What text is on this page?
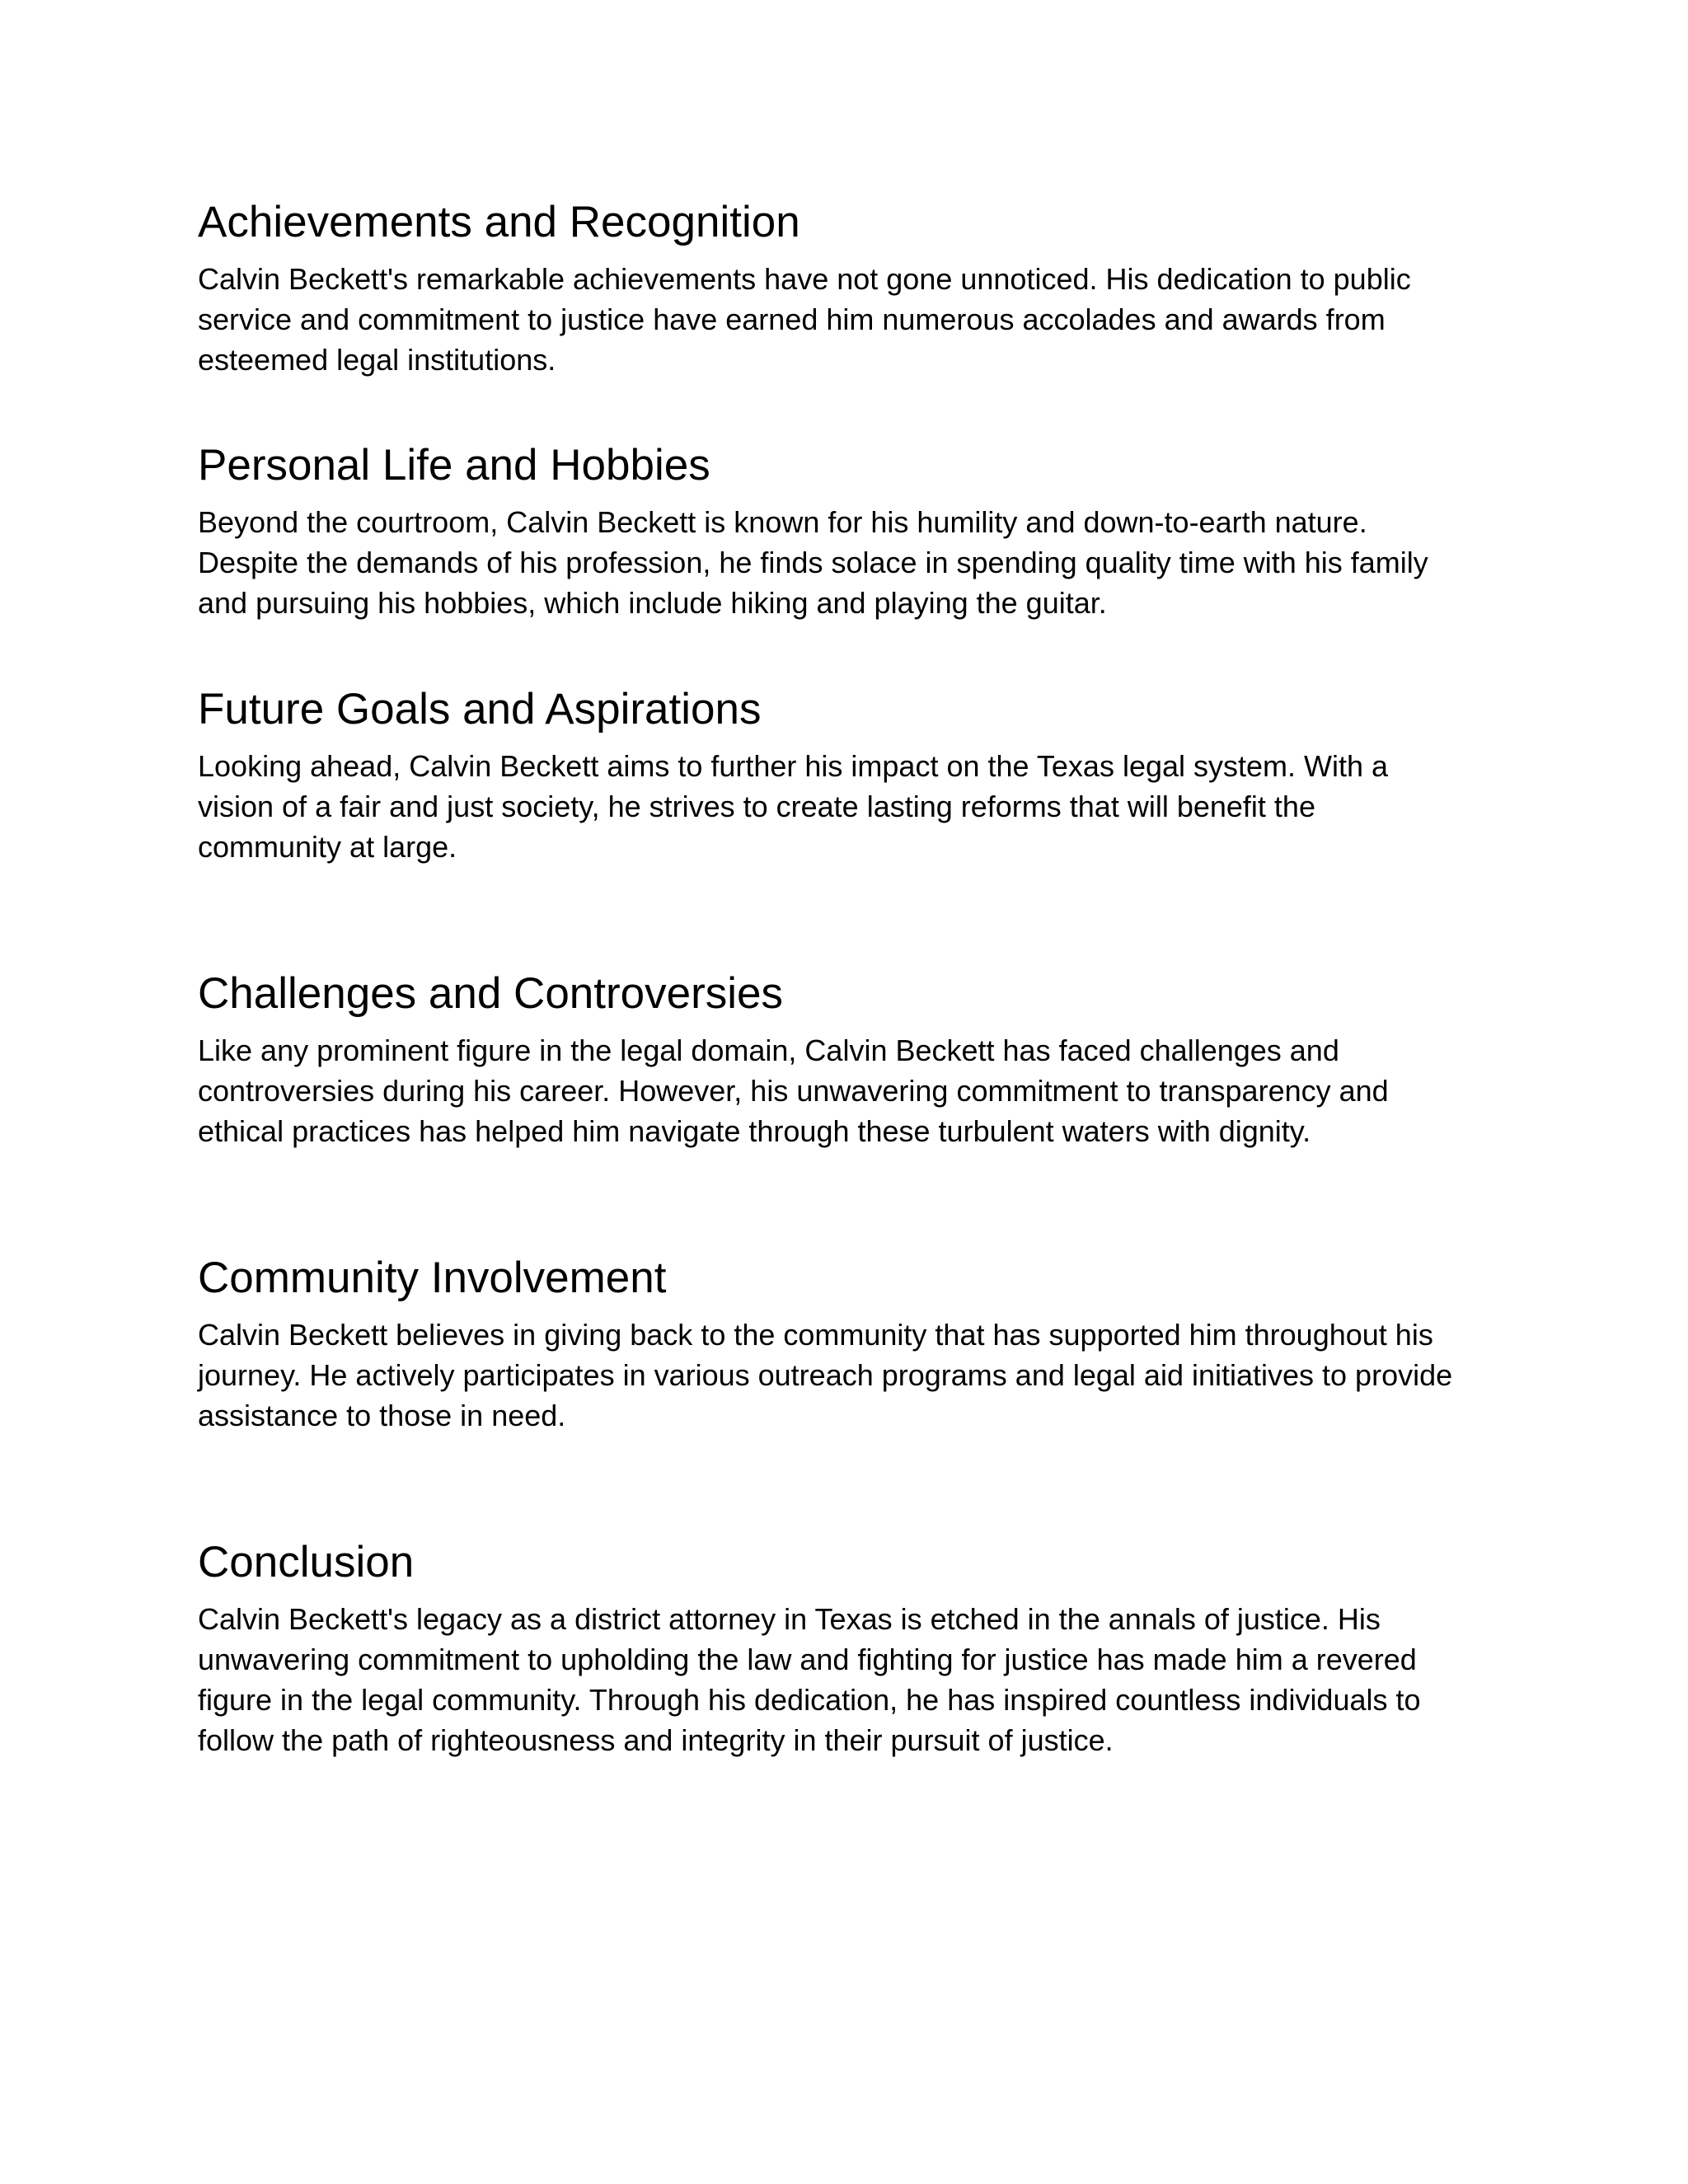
Achievements and Recognition

Calvin Beckett's remarkable achievements have not gone unnoticed. His dedication to public
service and commitment to justice have earned him numerous accolades and awards from
esteemed legal institutions.

Personal Life and Hobbies

Beyond the courtroom, Calvin Beckett is known for his humility and down-to-earth nature.
Despite the demands of his profession, he finds solace in spending quality time with his family
and pursuing his hobbies, which include hiking and playing the guitar.

Future Goals and Aspirations

Looking ahead, Calvin Beckett aims to further his impact on the Texas legal system. With a
vision of a fair and just society, he strives to create lasting reforms that will benefit the
community at large.

Challenges and Controversies

Like any prominent figure in the legal domain, Calvin Beckett has faced challenges and
controversies during his career. However, his unwavering commitment to transparency and
ethical practices has helped him navigate through these turbulent waters with dignity.

Community Involvement

Calvin Beckett believes in giving back to the community that has supported him throughout his
journey. He actively participates in various outreach programs and legal aid initiatives to provide
assistance to those in need.

Conclusion

Calvin Beckett's legacy as a district attorney in Texas is etched in the annals of justice. His
unwavering commitment to upholding the law and fighting for justice has made him a revered
figure in the legal community. Through his dedication, he has inspired countless individuals to
follow the path of righteousness and integrity in their pursuit of justice.
